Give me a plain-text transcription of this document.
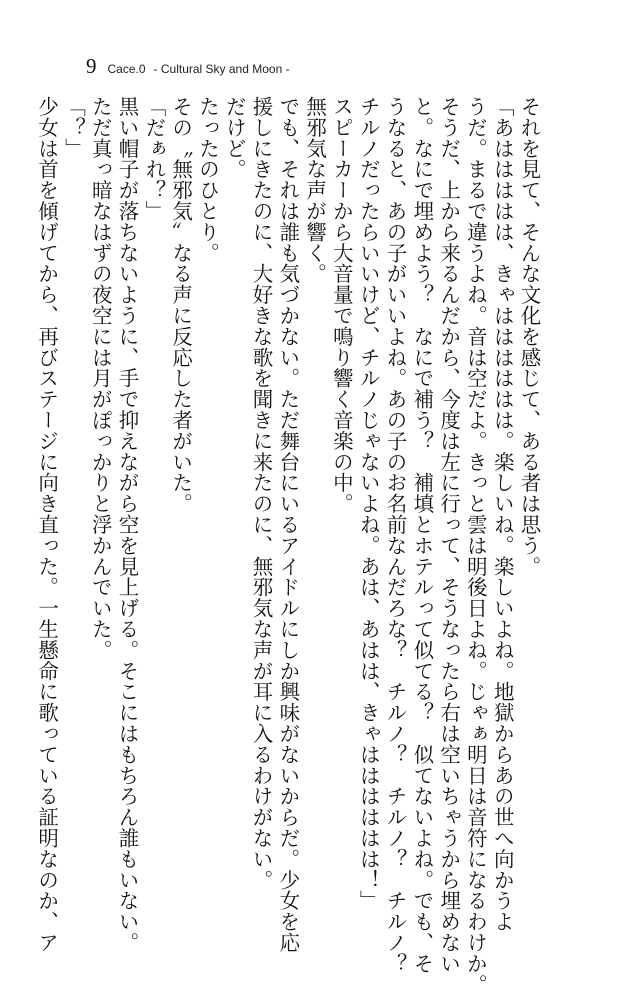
9 Cace.0 - Cultural Sky and Moon -
それを見て、そんな文化を感じて、ある者は思う。
「あははははは、きゃはははははは。楽しいね。楽しいよね。地獄からあの世へ向かうよ
うだ。まるで違うよね。音は空だよ。きっと雲は明後日よね。じゃぁ明日は音符になるわけか。
そうだ、上から来るんだから、今度は左に行って、そうなったら右は空いちゃうから埋めない
と。なにで埋めよう？　なにで補う？　補填とホテルって似てる？　似てないよね。でも、そ
うなると、あの子がいいよね。あの子のお名前なんだろな？　チルノ？　チルノ？　チルノ？
チルノだったらいいけど、チルノじゃないよね。あは、あはは、きゃはははははは！」
スピーカーから大音量で鳴り響く音楽の中。
無邪気な声が響く。
でも、それは誰も気づかない。ただ舞台にいるアイドルにしか興味がないからだ。少女を応
援しにきたのに、大好きな歌を聞きに来たのに、無邪気な声が耳に入るわけがない。
だけど。
たったのひとり。
その〝無邪気〟なる声に反応した者がいた。
「だぁれ？」
黒い帽子が落ちないように、手で抑えながら空を見上げる。そこにはもちろん誰もいない。
ただ真っ暗なはずの夜空には月がぽっかりと浮かんでいた。
「？」
少女は首を傾げてから、再びステージに向き直った。一生懸命に歌っている証明なのか、ア
